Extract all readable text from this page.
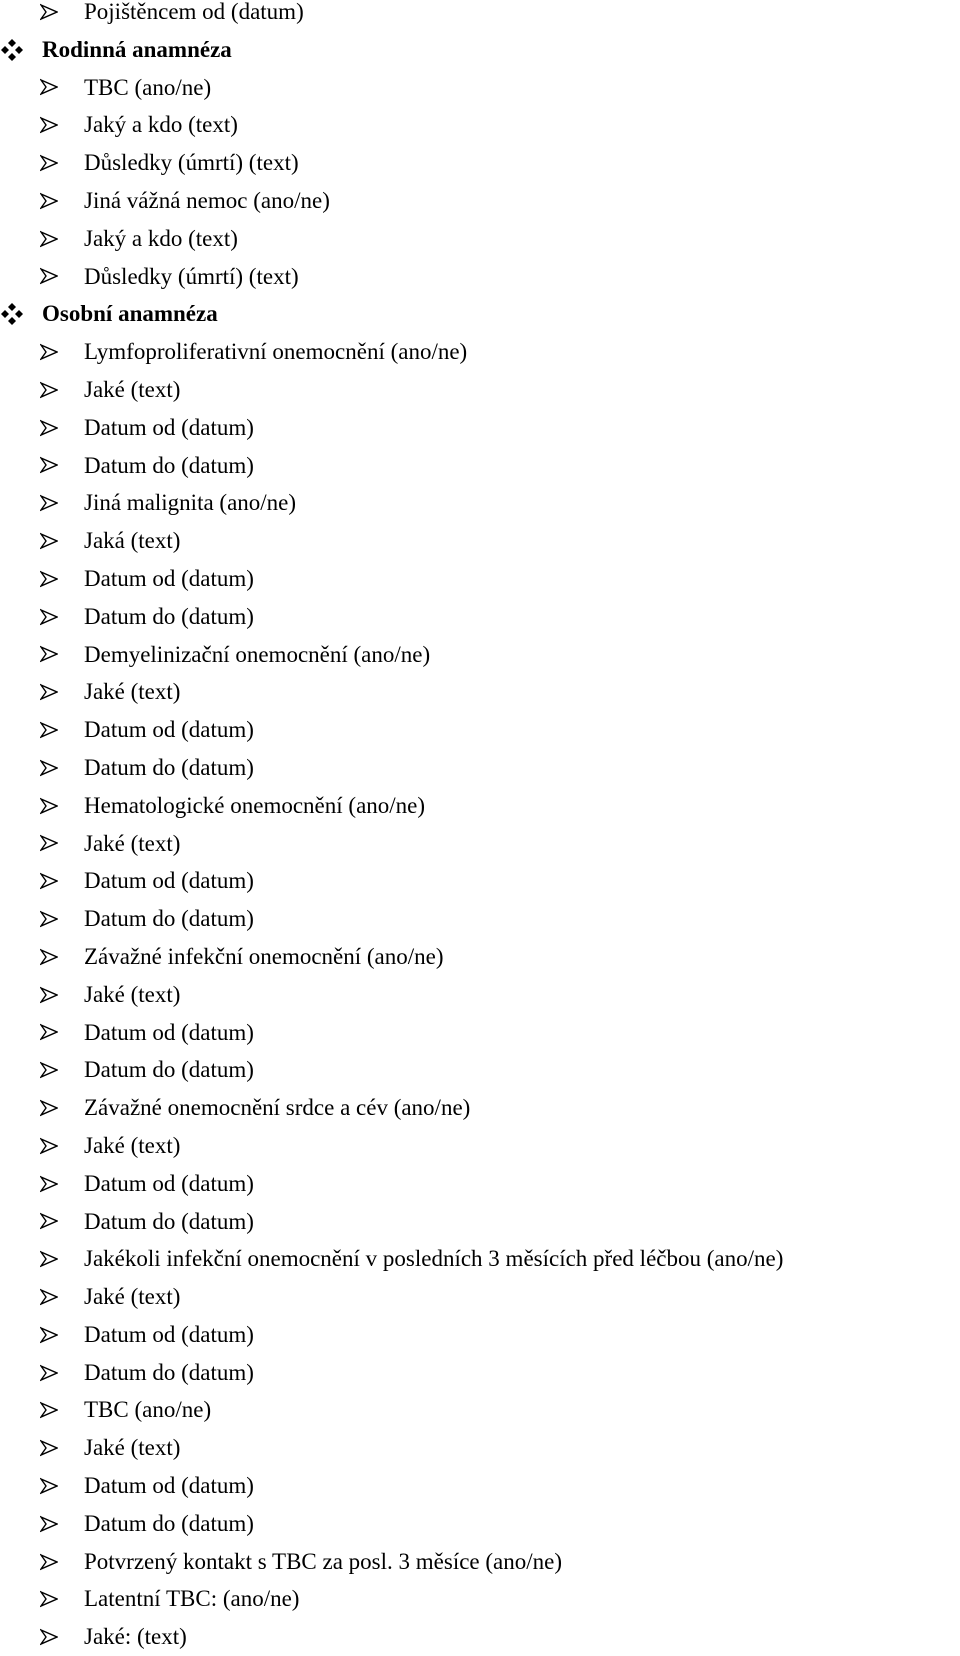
Pojištěncem od (datum)
Rodinná anamnéza
TBC (ano/ne)
Jaký a kdo (text)
Důsledky (úmrtí) (text)
Jiná vážná nemoc (ano/ne)
Jaký a kdo (text)
Důsledky (úmrtí) (text)
Osobní anamnéza
Lymfoproliferativní onemocnění (ano/ne)
Jaké (text)
Datum od (datum)
Datum do (datum)
Jiná malignita (ano/ne)
Jaká (text)
Datum od (datum)
Datum do (datum)
Demyelinizační onemocnění (ano/ne)
Jaké (text)
Datum od (datum)
Datum do (datum)
Hematologické onemocnění (ano/ne)
Jaké (text)
Datum od (datum)
Datum do (datum)
Závažné infekční onemocnění (ano/ne)
Jaké (text)
Datum od (datum)
Datum do (datum)
Závažné onemocnění srdce a cév (ano/ne)
Jaké (text)
Datum od (datum)
Datum do (datum)
Jakékoli infekční onemocnění v posledních 3 měsících před léčbou (ano/ne)
Jaké (text)
Datum od (datum)
Datum do (datum)
TBC (ano/ne)
Jaké (text)
Datum od (datum)
Datum do (datum)
Potvrzený kontakt s TBC za posl. 3 měsíce (ano/ne)
Latentní TBC: (ano/ne)
Jaké: (text)
